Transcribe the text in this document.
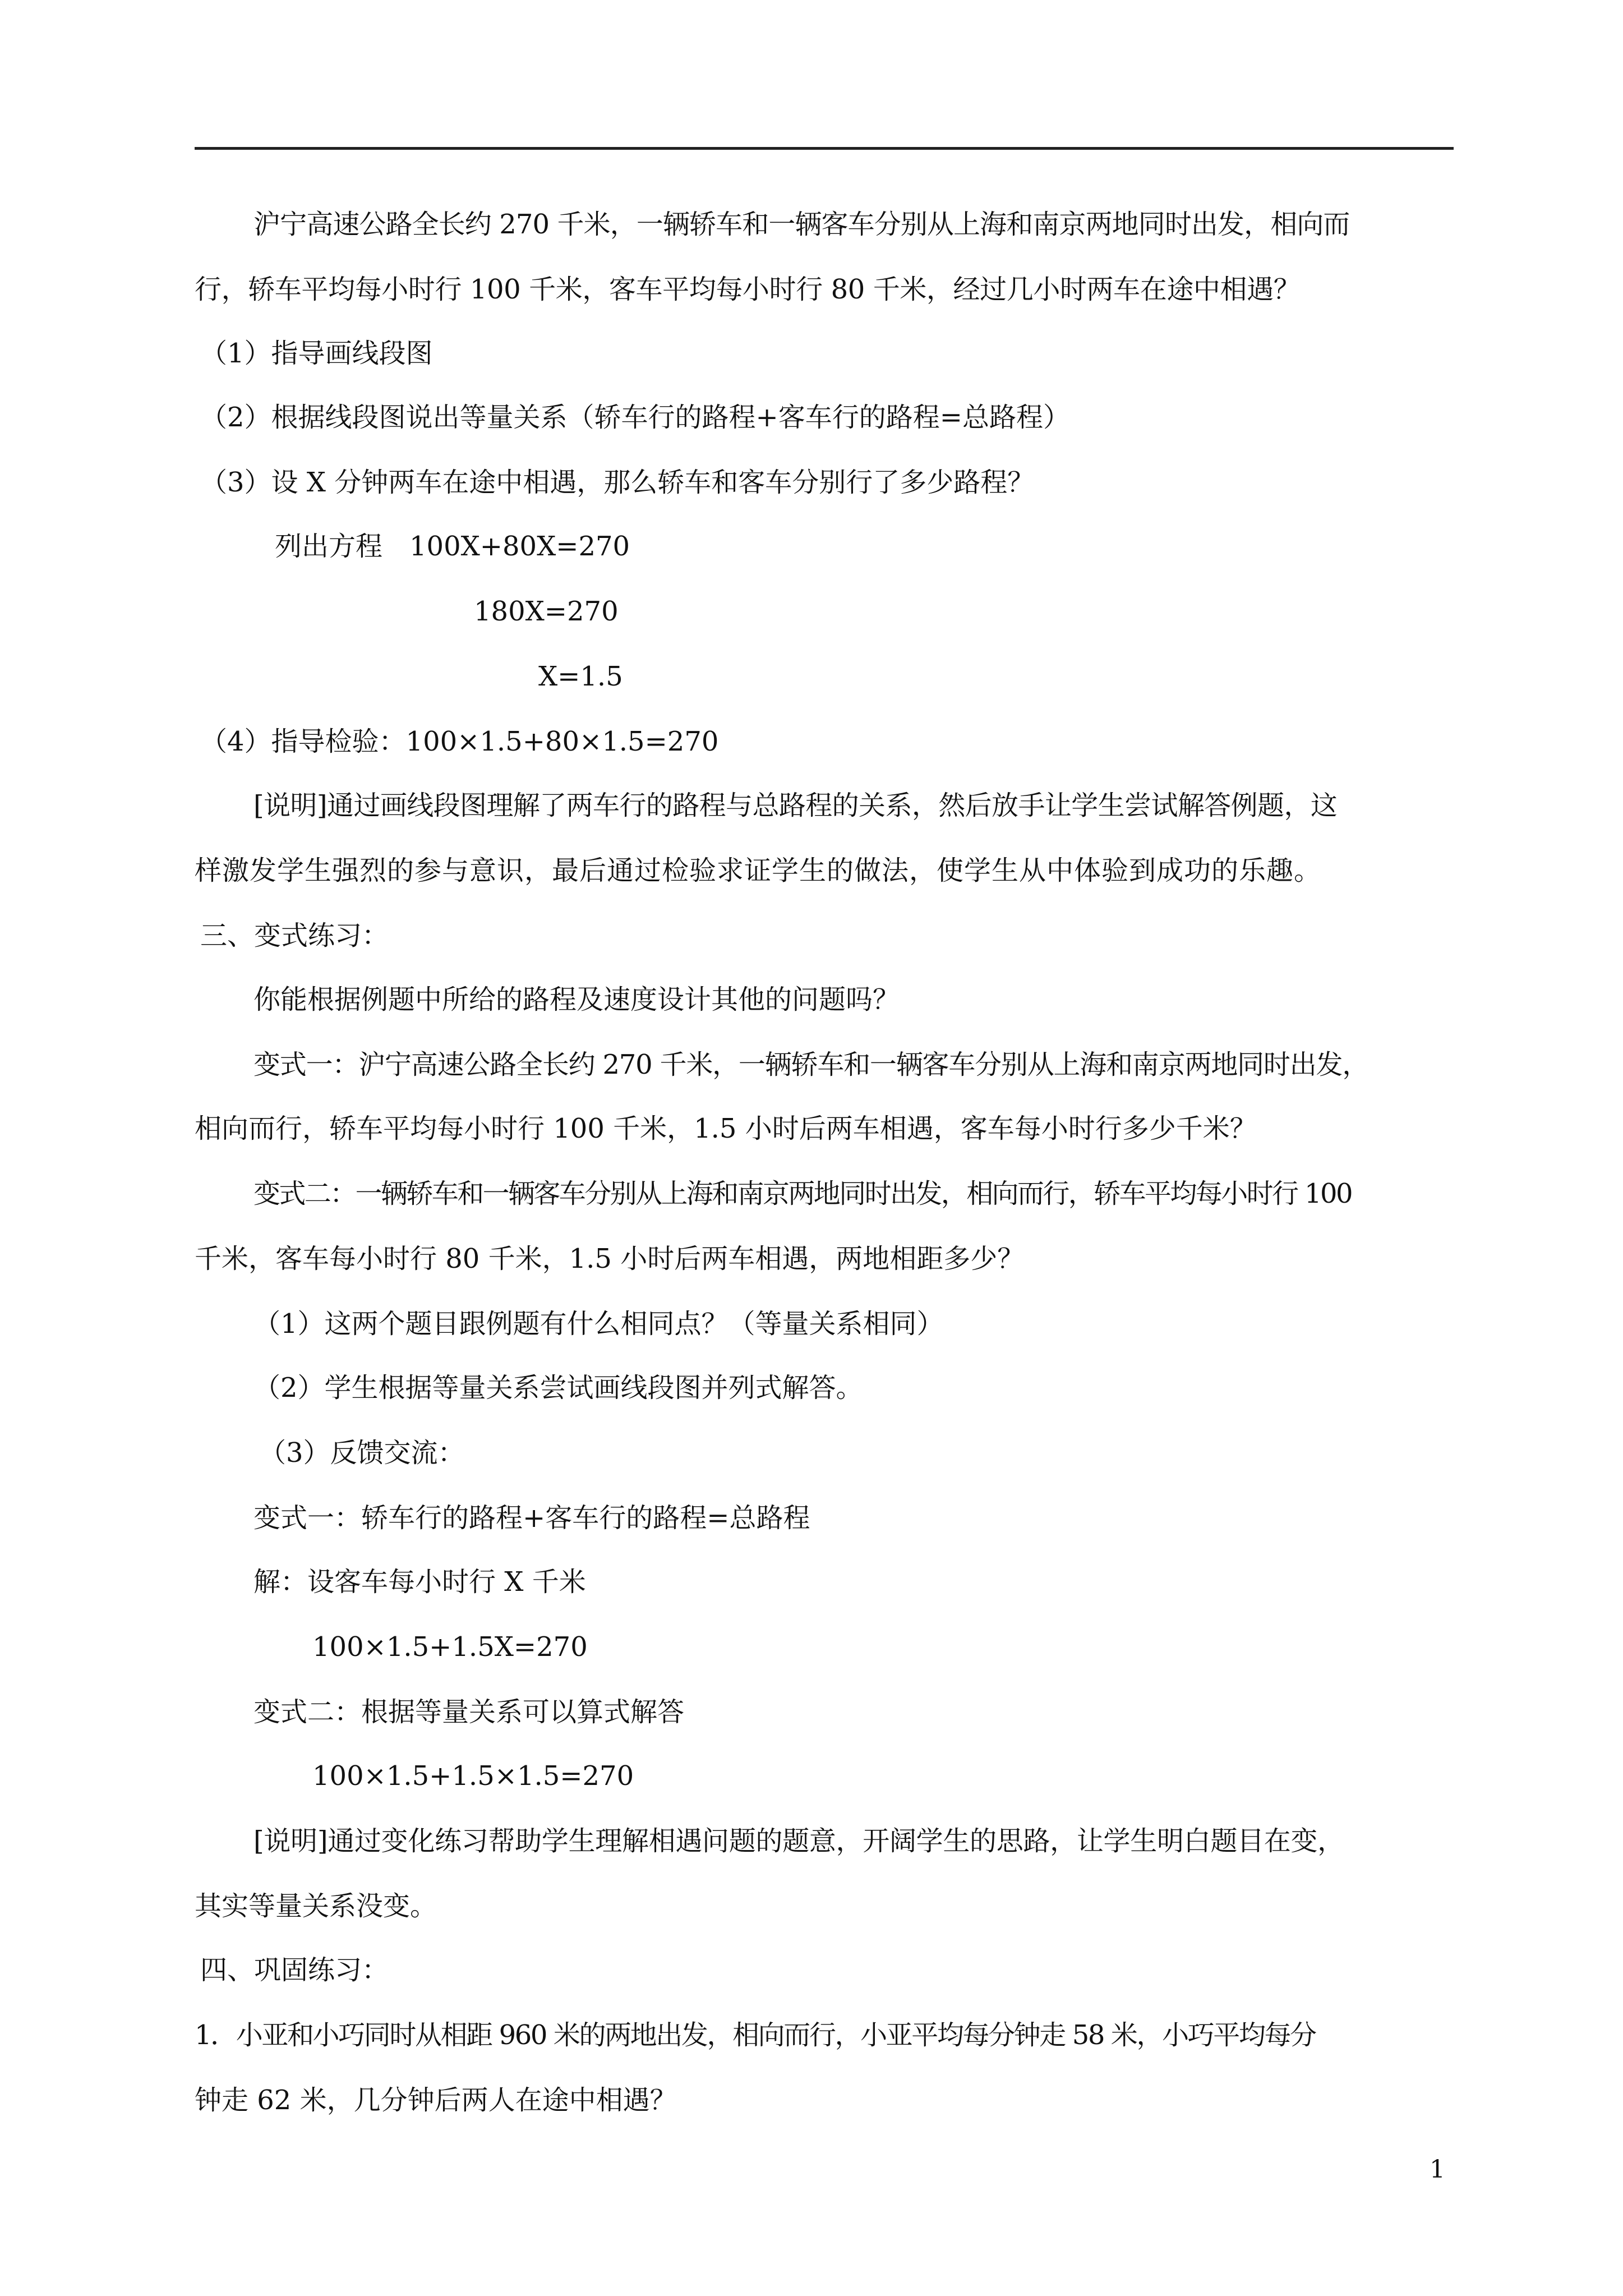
沪宁高速公路全长约 270 千米，一辆轿车和一辆客车分别从上海和南京两地同时出发，相向而
行，轿车平均每小时行 100 千米，客车平均每小时行 80 千米，经过几小时两车在途中相遇？
（1）指导画线段图
（2）根据线段图说出等量关系（轿车行的路程+客车行的路程=总路程）
（3）设 X 分钟两车在途中相遇，那么轿车和客车分别行了多少路程？
列出方程　100X+80X=270
180X=270
X=1.5
（4）指导检验：100×1.5+80×1.5=270
[说明]通过画线段图理解了两车行的路程与总路程的关系，然后放手让学生尝试解答例题，这
样激发学生强烈的参与意识，最后通过检验求证学生的做法，使学生从中体验到成功的乐趣。
三、变式练习：
你能根据例题中所给的路程及速度设计其他的问题吗？
变式一：沪宁高速公路全长约 270 千米，一辆轿车和一辆客车分别从上海和南京两地同时出发，
相向而行，轿车平均每小时行 100 千米，1.5 小时后两车相遇，客车每小时行多少千米？
变式二：一辆轿车和一辆客车分别从上海和南京两地同时出发，相向而行，轿车平均每小时行 100
千米，客车每小时行 80 千米，1.5 小时后两车相遇，两地相距多少？
（1）这两个题目跟例题有什么相同点？（等量关系相同）
（2）学生根据等量关系尝试画线段图并列式解答。
（3）反馈交流：
变式一：轿车行的路程+客车行的路程=总路程
解：设客车每小时行 X 千米
100×1.5+1.5X=270
变式二：根据等量关系可以算式解答
100×1.5+1.5×1.5=270
[说明]通过变化练习帮助学生理解相遇问题的题意，开阔学生的思路，让学生明白题目在变，
其实等量关系没变。
四、巩固练习：
1．小亚和小巧同时从相距 960 米的两地出发，相向而行，小亚平均每分钟走 58 米，小巧平均每分
钟走 62 米，几分钟后两人在途中相遇？
1
